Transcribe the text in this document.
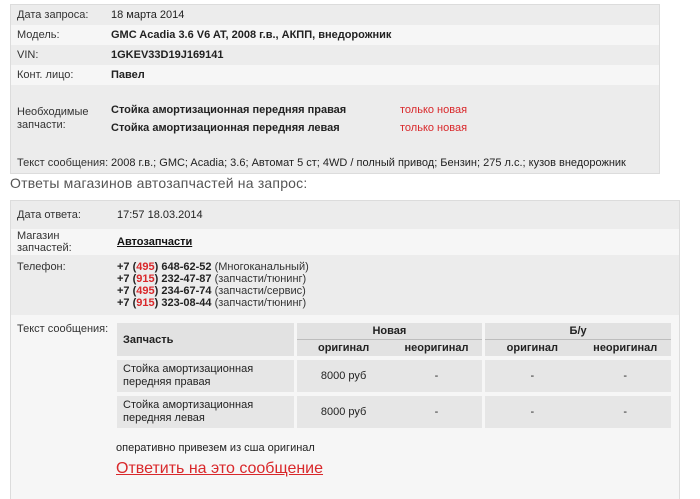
Дата запроса:	18 марта 2014
Модель:	GMC Acadia 3.6 V6 AT, 2008 г.в., АКПП, внедорожник
VIN:	1GKEV33D19J169141
Конт. лицо:	Павел
Необходимые запчасти:
Стойка амортизационная передняя правая	только новая
Стойка амортизационная передняя левая	только новая
Текст сообщения: 2008 г.в.; GMC; Acadia; 3.6; Автомат 5 ст; 4WD / полный привод; Бензин; 275 л.с.; кузов внедорожник
Ответы магазинов автозапчастей на запрос:
Дата ответа:	17:57 18.03.2014
Магазин запчастей:	Автозапчасти
Телефон:	+7 (495) 648-62-52 (Многоканальный)
+7 (915) 232-47-87 (запчасти/тюнинг)
+7 (495) 234-67-74 (запчасти/сервис)
+7 (915) 323-08-44 (запчасти/тюнинг)
Текст сообщения:
Запчасть		Новая			Б/у	
		оригинал	неоригинал		оригинал	неоригинал

Стойка амортизационная передняя правая		8000 руб	-		-	-

Стойка амортизационная передняя левая		8000 руб	-		-	-
оперативно привезем из сша оригинал
Ответить на это сообщение
